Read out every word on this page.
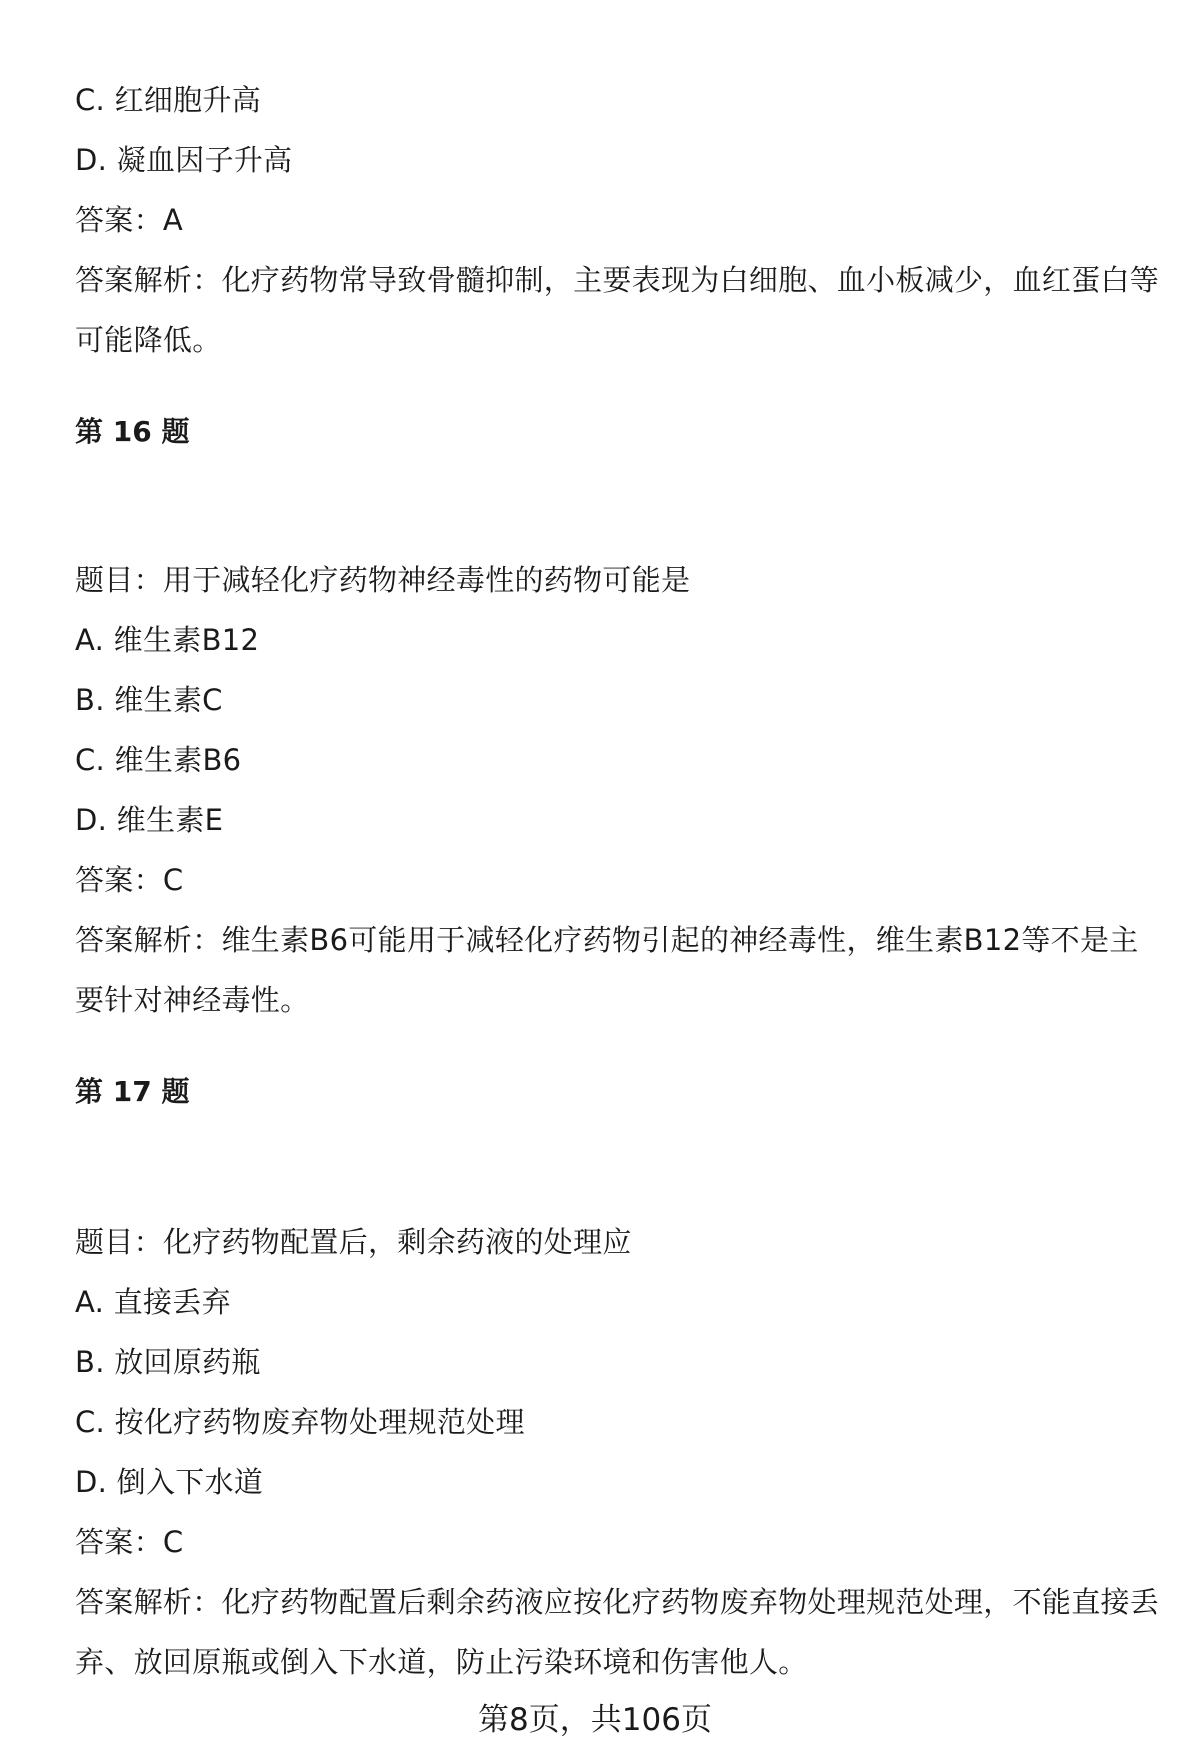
C. 红细胞升高
D. 凝血因子升高
答案：A
答案解析：化疗药物常导致骨髓抑制，主要表现为白细胞、血小板减少，血红蛋白等可能降低。
第 16 题
题目：用于减轻化疗药物神经毒性的药物可能是
A. 维生素B12
B. 维生素C
C. 维生素B6
D. 维生素E
答案：C
答案解析：维生素B6可能用于减轻化疗药物引起的神经毒性，维生素B12等不是主要针对神经毒性。
第 17 题
题目：化疗药物配置后，剩余药液的处理应
A. 直接丢弃
B. 放回原药瓶
C. 按化疗药物废弃物处理规范处理
D. 倒入下水道
答案：C
答案解析：化疗药物配置后剩余药液应按化疗药物废弃物处理规范处理，不能直接丢弃、放回原瓶或倒入下水道，防止污染环境和伤害他人。
第8页，共106页
